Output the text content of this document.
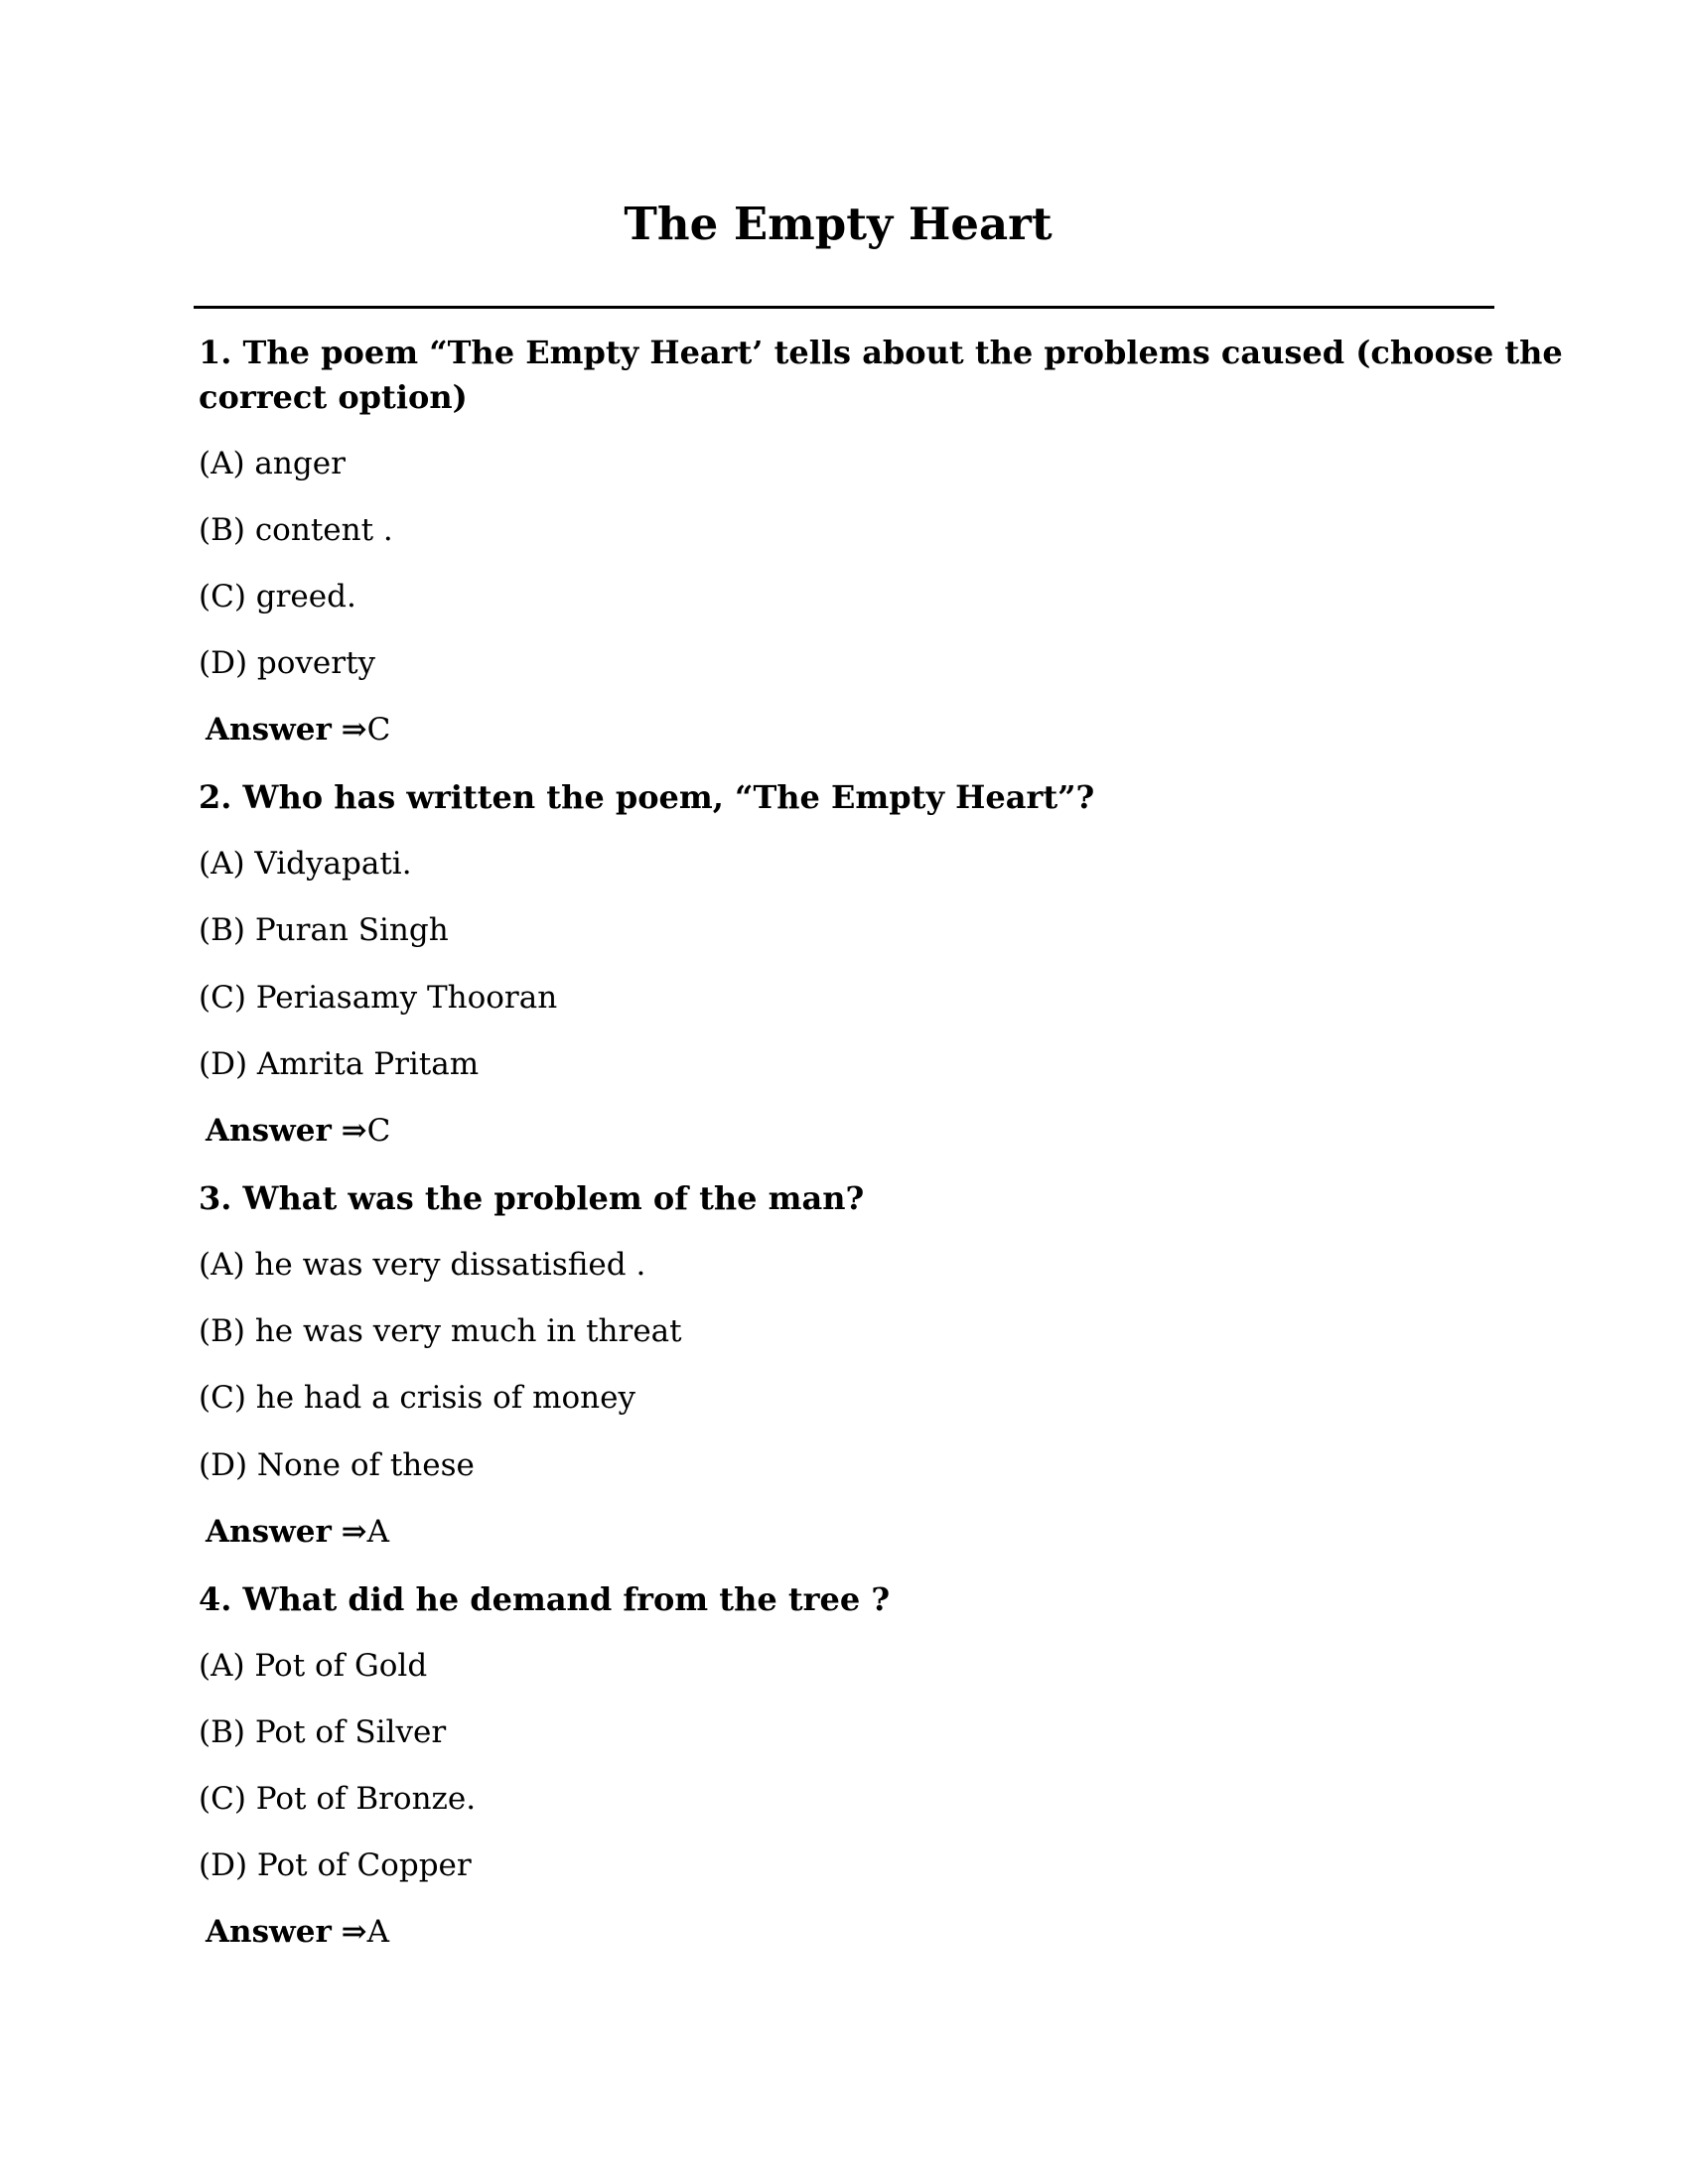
The Empty Heart
1. The poem “The Empty Heart’ tells about the problems caused (choose the
correct option)
(A) anger
(B) content .
(C) greed.
(D) poverty
Answer ⇒C
2. Who has written the poem, “The Empty Heart”?
(A) Vidyapati.
(B) Puran Singh
(C) Periasamy Thooran
(D) Amrita Pritam
Answer ⇒C
3. What was the problem of the man?
(A) he was very dissatisfied .
(B) he was very much in threat
(C) he had a crisis of money
(D) None of these
Answer ⇒A
4. What did he demand from the tree ?
(A) Pot of Gold
(B) Pot of Silver
(C) Pot of Bronze.
(D) Pot of Copper
Answer ⇒A
